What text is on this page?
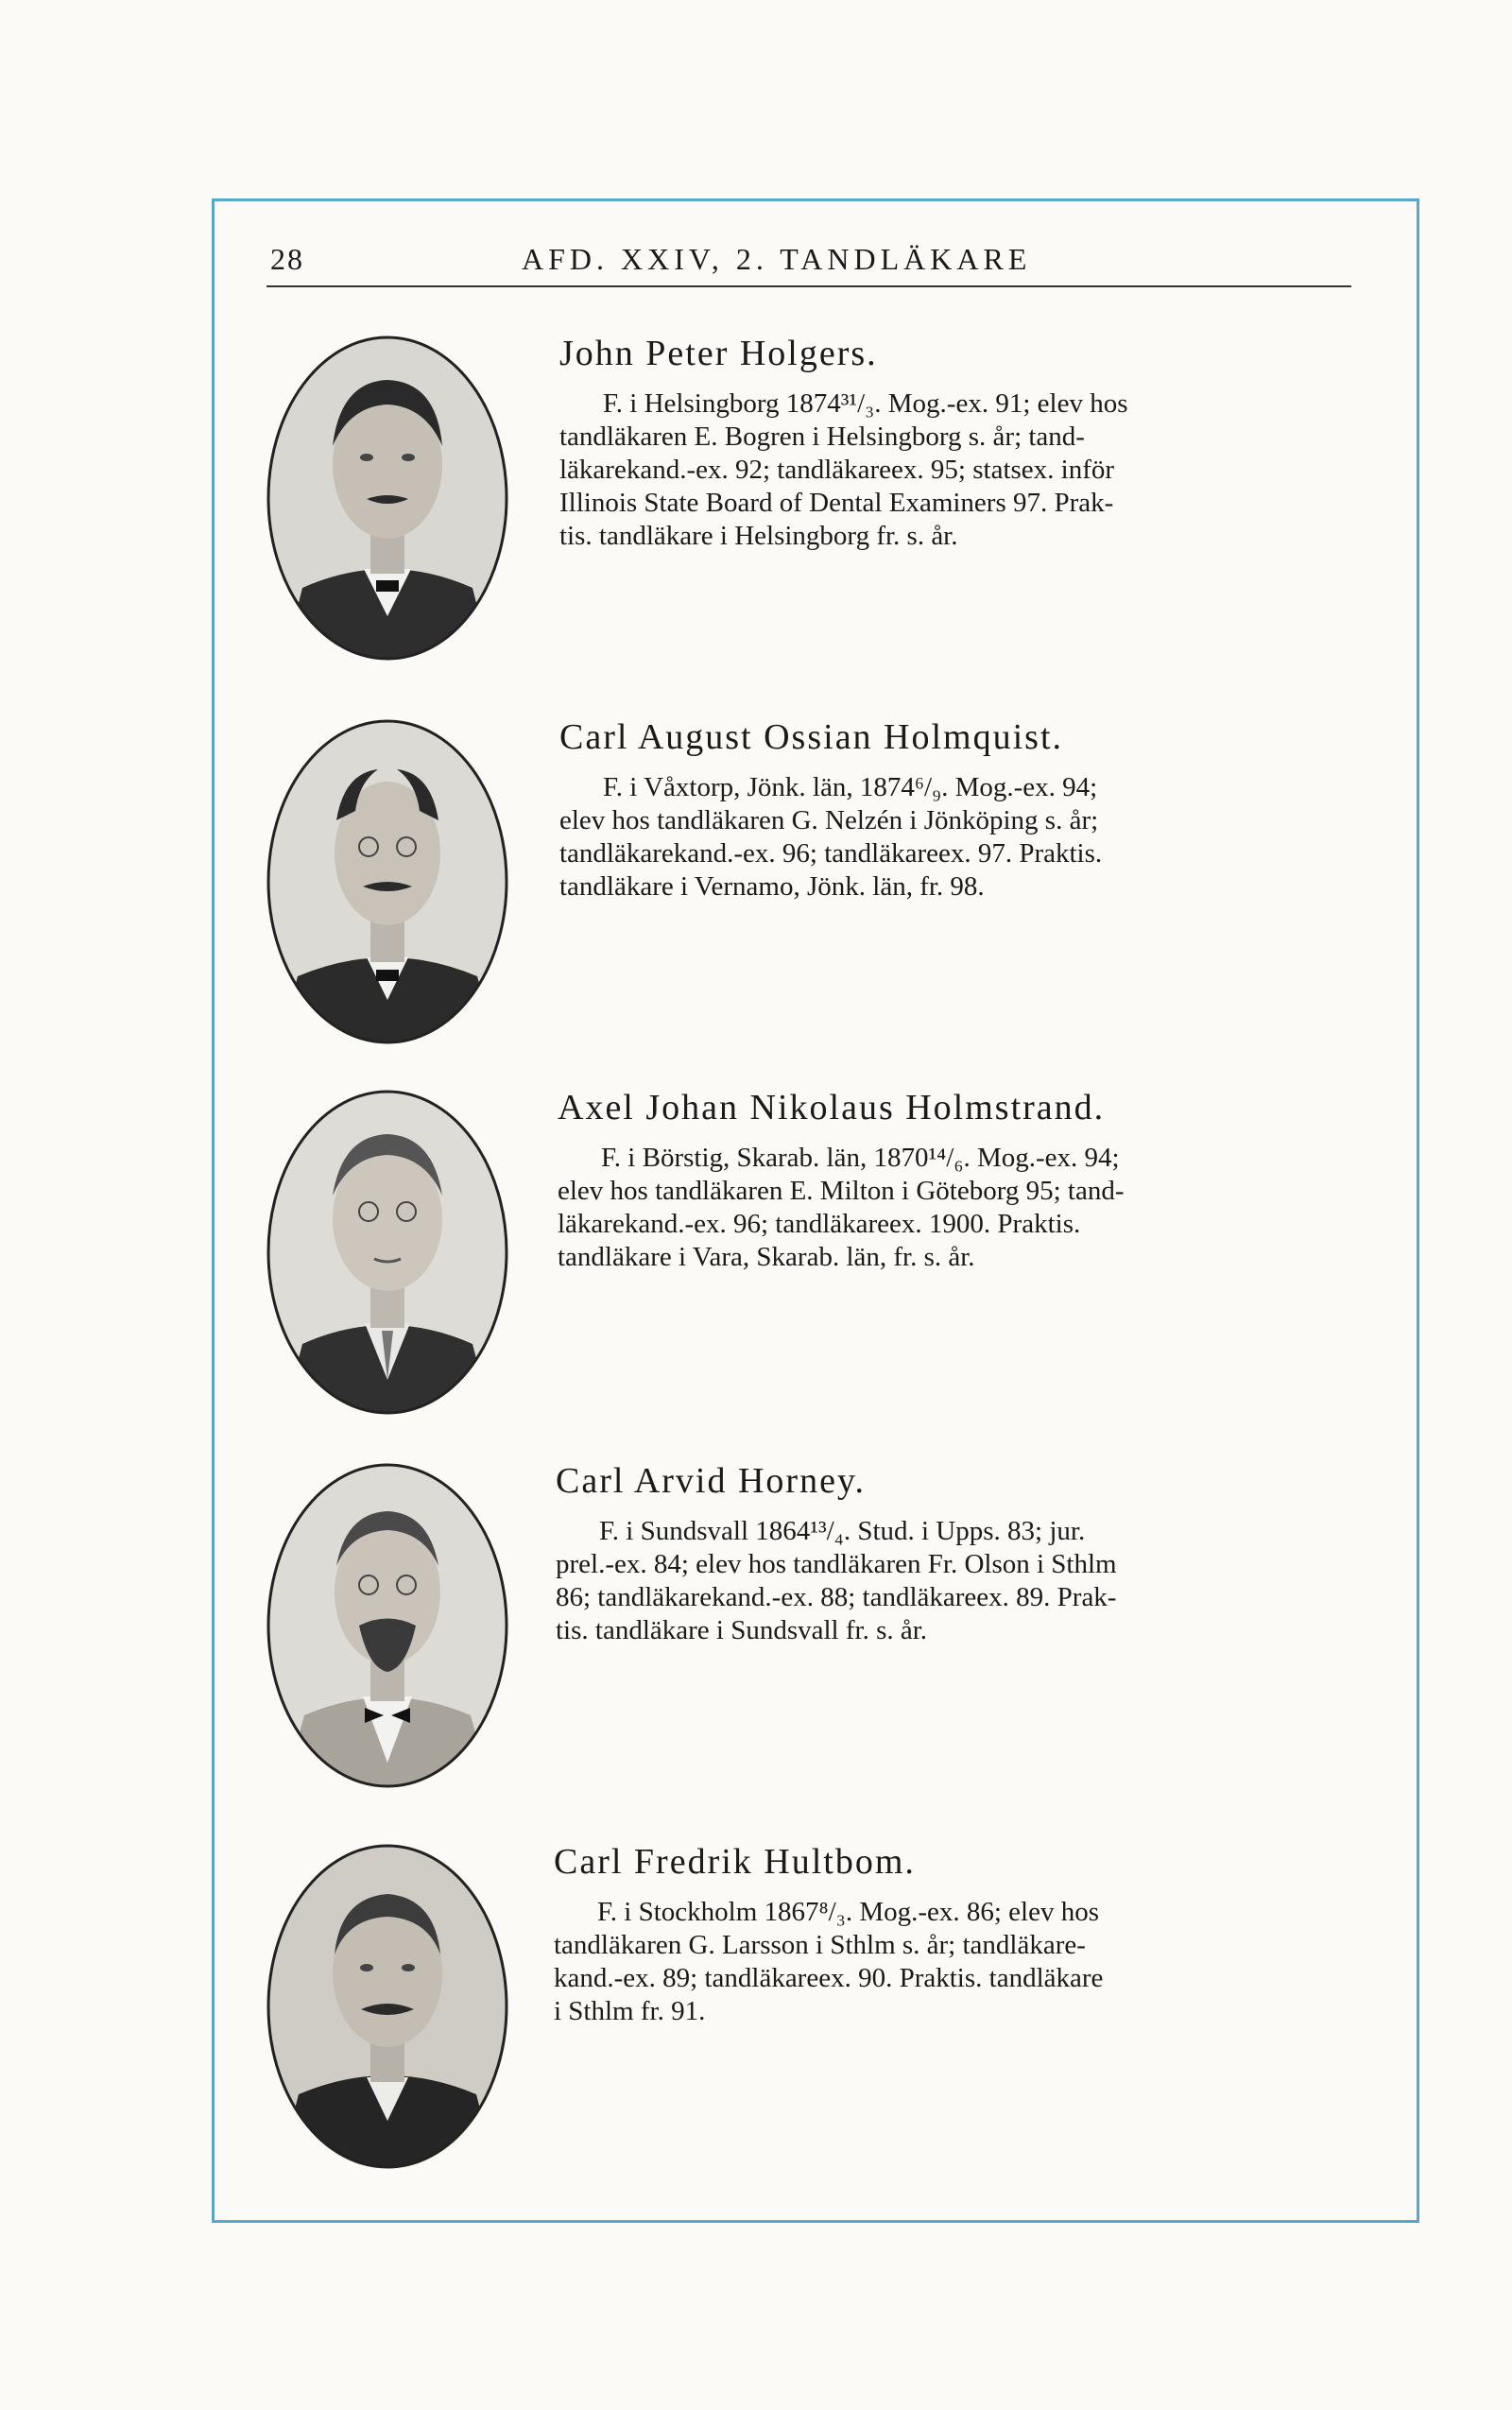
28	AFD. XXIV, 2. TANDLÄKARE

John Peter Holgers.

F. i Helsingborg 1874³¹/₃. Mog.-ex. 91; elev hos
tandläkaren E. Bogren i Helsingborg s. år; tand-
läkarekand.-ex. 92; tandläkareex. 95; statsex. inför
Illinois State Board of Dental Examiners 97. Prak-
tis. tandläkare i Helsingborg fr. s. år.

Carl August Ossian Holmquist.

F. i Våxtorp, Jönk. län, 1874⁶/₉. Mog.-ex. 94;
elev hos tandläkaren G. Nelzén i Jönköping s. år;
tandläkarekand.-ex. 96; tandläkareex. 97. Praktis.
tandläkare i Vernamo, Jönk. län, fr. 98.

Axel Johan Nikolaus Holmstrand.

F. i Börstig, Skarab. län, 1870¹⁴/₆. Mog.-ex. 94;
elev hos tandläkaren E. Milton i Göteborg 95; tand-
läkarekand.-ex. 96; tandläkareex. 1900. Praktis.
tandläkare i Vara, Skarab. län, fr. s. år.

Carl Arvid Horney.

F. i Sundsvall 1864¹³/₄. Stud. i Upps. 83; jur.
prel.-ex. 84; elev hos tandläkaren Fr. Olson i Sthlm
86; tandläkarekand.-ex. 88; tandläkareex. 89. Prak-
tis. tandläkare i Sundsvall fr. s. år.

Carl Fredrik Hultbom.

F. i Stockholm 1867⁸/₃. Mog.-ex. 86; elev hos
tandläkaren G. Larsson i Sthlm s. år; tandläkare-
kand.-ex. 89; tandläkareex. 90. Praktis. tandläkare
i Sthlm fr. 91.
